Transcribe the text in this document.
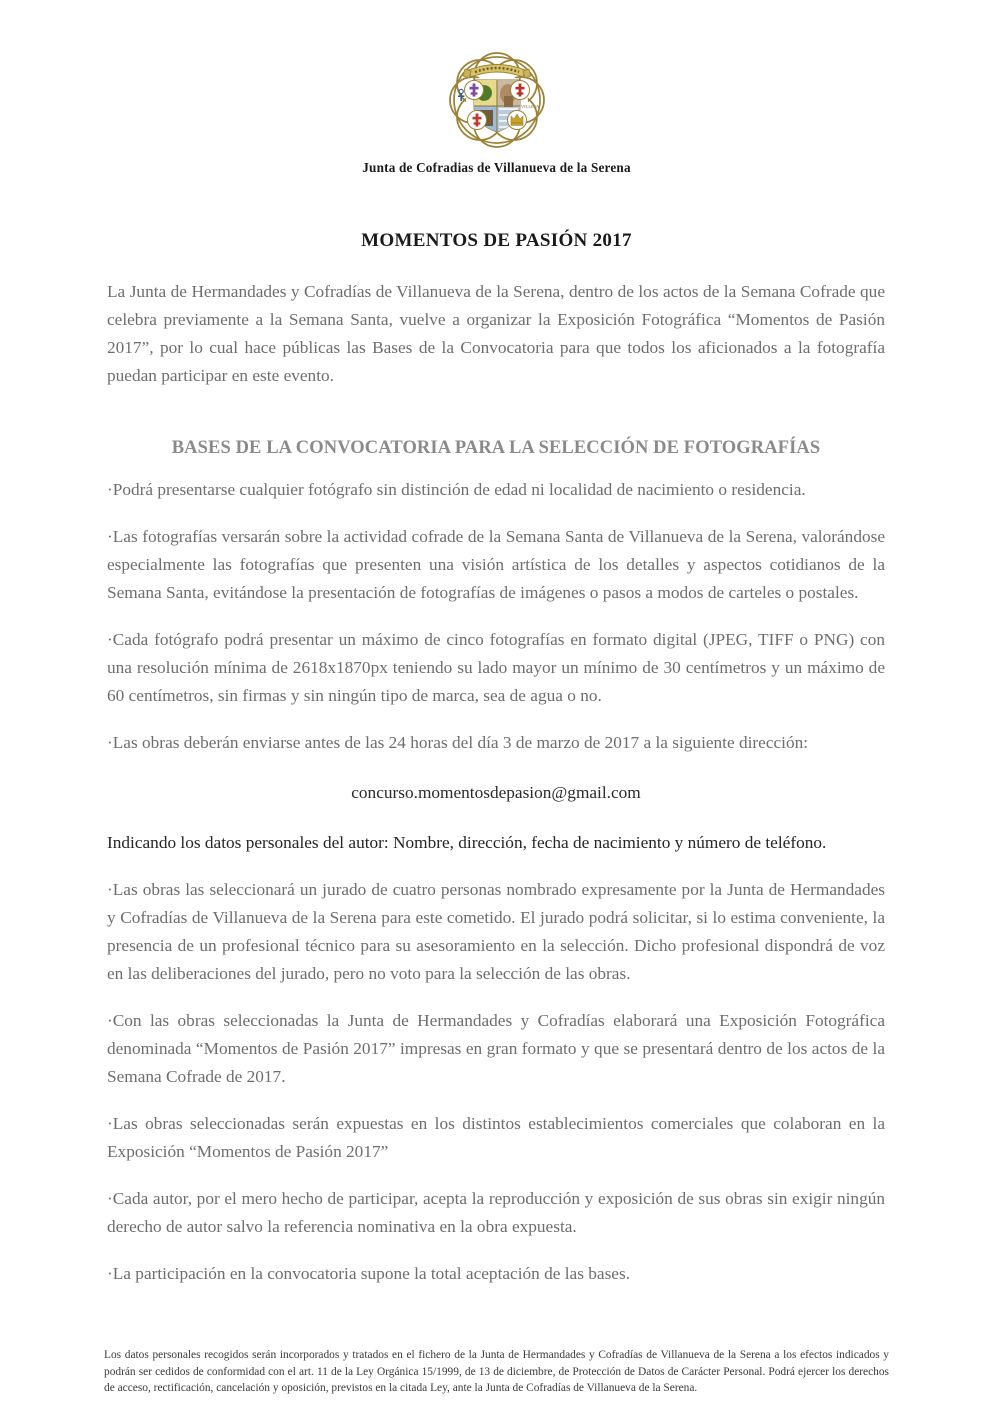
VILLETA
Junta de Cofradias de Villanueva de la Serena
MOMENTOS DE PASIÓN 2017

La Junta de Hermandades y Cofradías de Villanueva de la Serena, dentro de los actos de la Semana Cofrade que celebra previamente a la Semana Santa, vuelve a organizar la Exposición Fotográfica “Momentos de Pasión 2017”, por lo cual hace públicas las Bases de la Convocatoria para que todos los aficionados a la fotografía puedan participar en este evento.

BASES DE LA CONVOCATORIA PARA LA SELECCIÓN DE FOTOGRAFÍAS

·Podrá presentarse cualquier fotógrafo sin distinción de edad ni localidad de nacimiento o residencia.

·Las fotografías versarán sobre la actividad cofrade de la Semana Santa de Villanueva de la Serena, valorándose especialmente las fotografías que presenten una visión artística de los detalles y aspectos cotidianos de la Semana Santa, evitándose la presentación de fotografías de imágenes o pasos a modos de carteles o postales.

·Cada fotógrafo podrá presentar un máximo de cinco fotografías en formato digital (JPEG, TIFF o PNG) con una resolución mínima de 2618x1870px teniendo su lado mayor un mínimo de 30 centímetros y un máximo de 60 centímetros, sin firmas y sin ningún tipo de marca, sea de agua o no.

·Las obras deberán enviarse antes de las 24 horas del día 3 de marzo de 2017 a la siguiente dirección:

concurso.momentosdepasion@gmail.com
Indicando los datos personales del autor: Nombre, dirección, fecha de nacimiento y número de teléfono.

·Las obras las seleccionará un jurado de cuatro personas nombrado expresamente por la Junta de Hermandades y Cofradías de Villanueva de la Serena para este cometido. El jurado podrá solicitar, si lo estima conveniente, la presencia de un profesional técnico para su asesoramiento en la selección. Dicho profesional dispondrá de voz en las deliberaciones del jurado, pero no voto para la selección de las obras.

·Con las obras seleccionadas la Junta de Hermandades y Cofradías elaborará una Exposición Fotográfica denominada “Momentos de Pasión 2017” impresas en gran formato y que se presentará dentro de los actos de la Semana Cofrade de 2017.

·Las obras seleccionadas serán expuestas en los distintos establecimientos comerciales que colaboran en la Exposición “Momentos de Pasión 2017”

·Cada autor, por el mero hecho de participar, acepta la reproducción y exposición de sus obras sin exigir ningún derecho de autor salvo la referencia nominativa en la obra expuesta.

·La participación en la convocatoria supone la total aceptación de las bases.

Los datos personales recogidos serán incorporados y tratados en el fichero de la Junta de Hermandades y Cofradías de Villanueva de la Serena a los efectos indicados y podrán ser cedidos de conformidad con el art. 11 de la Ley Orgánica 15/1999, de 13 de diciembre, de Protección de Datos de Carácter Personal. Podrá ejercer los derechos de acceso, rectificación, cancelación y oposición, previstos en la citada Ley, ante la Junta de Cofradías de Villanueva de la Serena.
